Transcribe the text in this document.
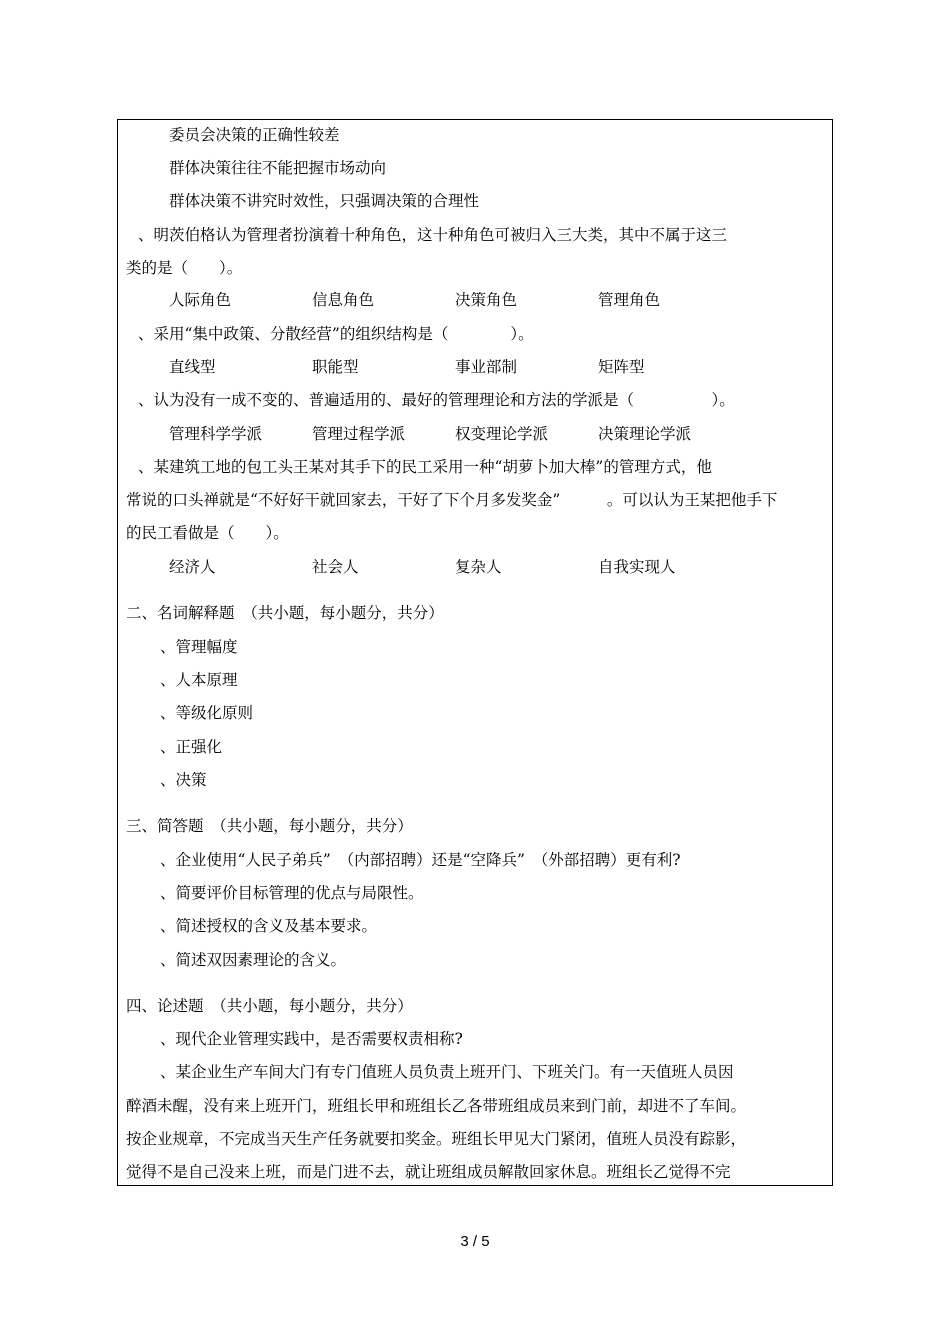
委员会决策的正确性较差
群体决策往往不能把握市场动向
群体决策不讲究时效性，只强调决策的合理性
、明茨伯格认为管理者扮演着十种角色，这十种角色可被归入三大类，其中不属于这三
类的是（　　）。
人际角色	信息角色	决策角色	管理角色
、采用“集中政策、分散经营”的组织结构是（　　　　）。
直线型	职能型	事业部制	矩阵型
、认为没有一成不变的、普遍适用的、最好的管理理论和方法的学派是（　　　　　）。
管理科学学派	管理过程学派	权变理论学派	决策理论学派
、某建筑工地的包工头王某对其手下的民工采用一种“胡萝卜加大棒”的管理方式，他
常说的口头禅就是“不好好干就回家去，干好了下个月多发奖金”　　　。可以认为王某把他手下
的民工看做是（　　）。
经济人	社会人	复杂人	自我实现人
二、名词解释题　（共小题，每小题分，共分）
、管理幅度
、人本原理
、等级化原则
、正强化
、决策
三、简答题　（共小题，每小题分，共分）
、企业使用“人民子弟兵”　（内部招聘）还是“空降兵”　（外部招聘）更有利?
、简要评价目标管理的优点与局限性。
、简述授权的含义及基本要求。
、简述双因素理论的含义。
四、论述题　（共小题，每小题分，共分）
、现代企业管理实践中，是否需要权责相称?
、某企业生产车间大门有专门值班人员负责上班开门、下班关门。有一天值班人员因
醉酒未醒，没有来上班开门，班组长甲和班组长乙各带班组成员来到门前，却进不了车间。
按企业规章，不完成当天生产任务就要扣奖金。班组长甲见大门紧闭，值班人员没有踪影，
觉得不是自己没来上班，而是门进不去，就让班组成员解散回家休息。班组长乙觉得不完
3 / 5
